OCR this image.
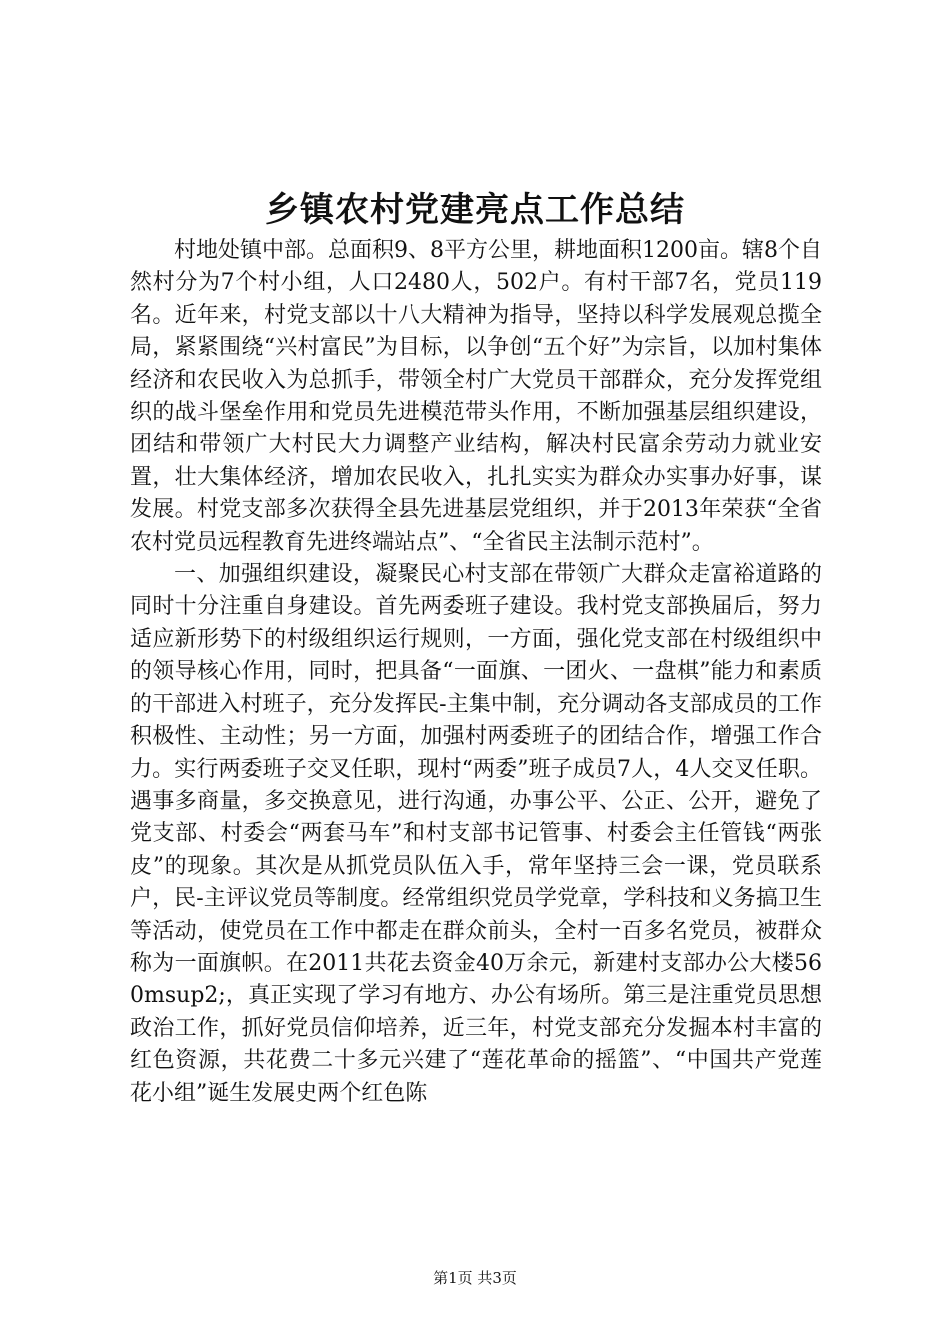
乡镇农村党建亮点工作总结

村地处镇中部。总面积9、8平方公里，耕地面积1200亩。辖8个自然村分为7个村小组，人口2480人，502户。有村干部7名，党员119名。近年来，村党支部以十八大精神为指导，坚持以科学发展观总揽全局，紧紧围绕“兴村富民”为目标，以争创“五个好”为宗旨，以加村集体经济和农民收入为总抓手，带领全村广大党员干部群众，充分发挥党组织的战斗堡垒作用和党员先进模范带头作用，不断加强基层组织建设，团结和带领广大村民大力调整产业结构，解决村民富余劳动力就业安置，壮大集体经济，增加农民收入，扎扎实实为群众办实事办好事，谋发展。村党支部多次获得全县先进基层党组织，并于2013年荣获“全省农村党员远程教育先进终端站点”、“全省民主法制示范村”。

一、加强组织建设，凝聚民心村支部在带领广大群众走富裕道路的同时十分注重自身建设。首先两委班子建设。我村党支部换届后，努力适应新形势下的村级组织运行规则，一方面，强化党支部在村级组织中的领导核心作用，同时，把具备“一面旗、一团火、一盘棋”能力和素质的干部进入村班子，充分发挥民-主集中制，充分调动各支部成员的工作积极性、主动性；另一方面，加强村两委班子的团结合作，增强工作合力。实行两委班子交叉任职，现村“两委”班子成员7人，4人交叉任职。遇事多商量，多交换意见，进行沟通，办事公平、公正、公开，避免了党支部、村委会“两套马车”和村支部书记管事、村委会主任管钱“两张皮”的现象。其次是从抓党员队伍入手，常年坚持三会一课，党员联系户，民-主评议党员等制度。经常组织党员学党章，学科技和义务搞卫生等活动，使党员在工作中都走在群众前头，全村一百多名党员，被群众称为一面旗帜。在2011共花去资金40万余元，新建村支部办公大楼560msup2;，真正实现了学习有地方、办公有场所。第三是注重党员思想政治工作，抓好党员信仰培养，近三年，村党支部充分发掘本村丰富的红色资源，共花费二十多元兴建了“莲花革命的摇篮”、“中国共产党莲花小组”诞生发展史两个红色陈

第1页 共3页
